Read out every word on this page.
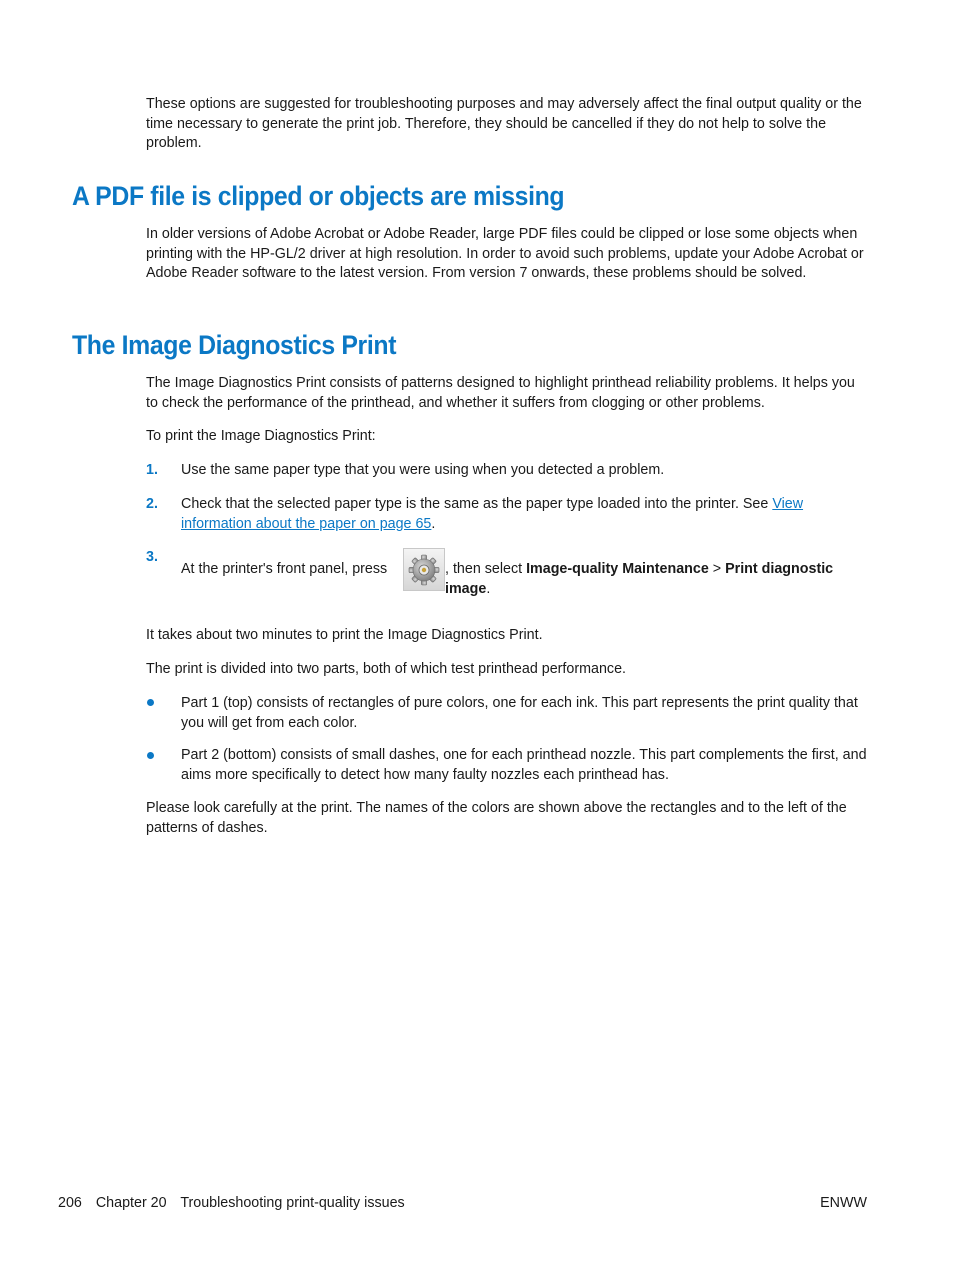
These options are suggested for troubleshooting purposes and may adversely affect the final output quality or the time necessary to generate the print job. Therefore, they should be cancelled if they do not help to solve the problem.

A PDF file is clipped or objects are missing

In older versions of Adobe Acrobat or Adobe Reader, large PDF files could be clipped or lose some objects when printing with the HP-GL/2 driver at high resolution. In order to avoid such problems, update your Adobe Acrobat or Adobe Reader software to the latest version. From version 7 onwards, these problems should be solved.

The Image Diagnostics Print

The Image Diagnostics Print consists of patterns designed to highlight printhead reliability problems. It helps you to check the performance of the printhead, and whether it suffers from clogging or other problems.

To print the Image Diagnostics Print:

1. Use the same paper type that you were using when you detected a problem.

2. Check that the selected paper type is the same as the paper type loaded into the printer. See View information about the paper on page 65.

3.
At the printer's front panel, press	, then select Image-quality Maintenance > Print diagnostic image.

It takes about two minutes to print the Image Diagnostics Print.

The print is divided into two parts, both of which test printhead performance.

Part 1 (top) consists of rectangles of pure colors, one for each ink. This part represents the print quality that you will get from each color.

Part 2 (bottom) consists of small dashes, one for each printhead nozzle. This part complements the first, and aims more specifically to detect how many faulty nozzles each printhead has.

Please look carefully at the print. The names of the colors are shown above the rectangles and to the left of the patterns of dashes.

206 Chapter 20 Troubleshooting print-quality issues	ENWW
